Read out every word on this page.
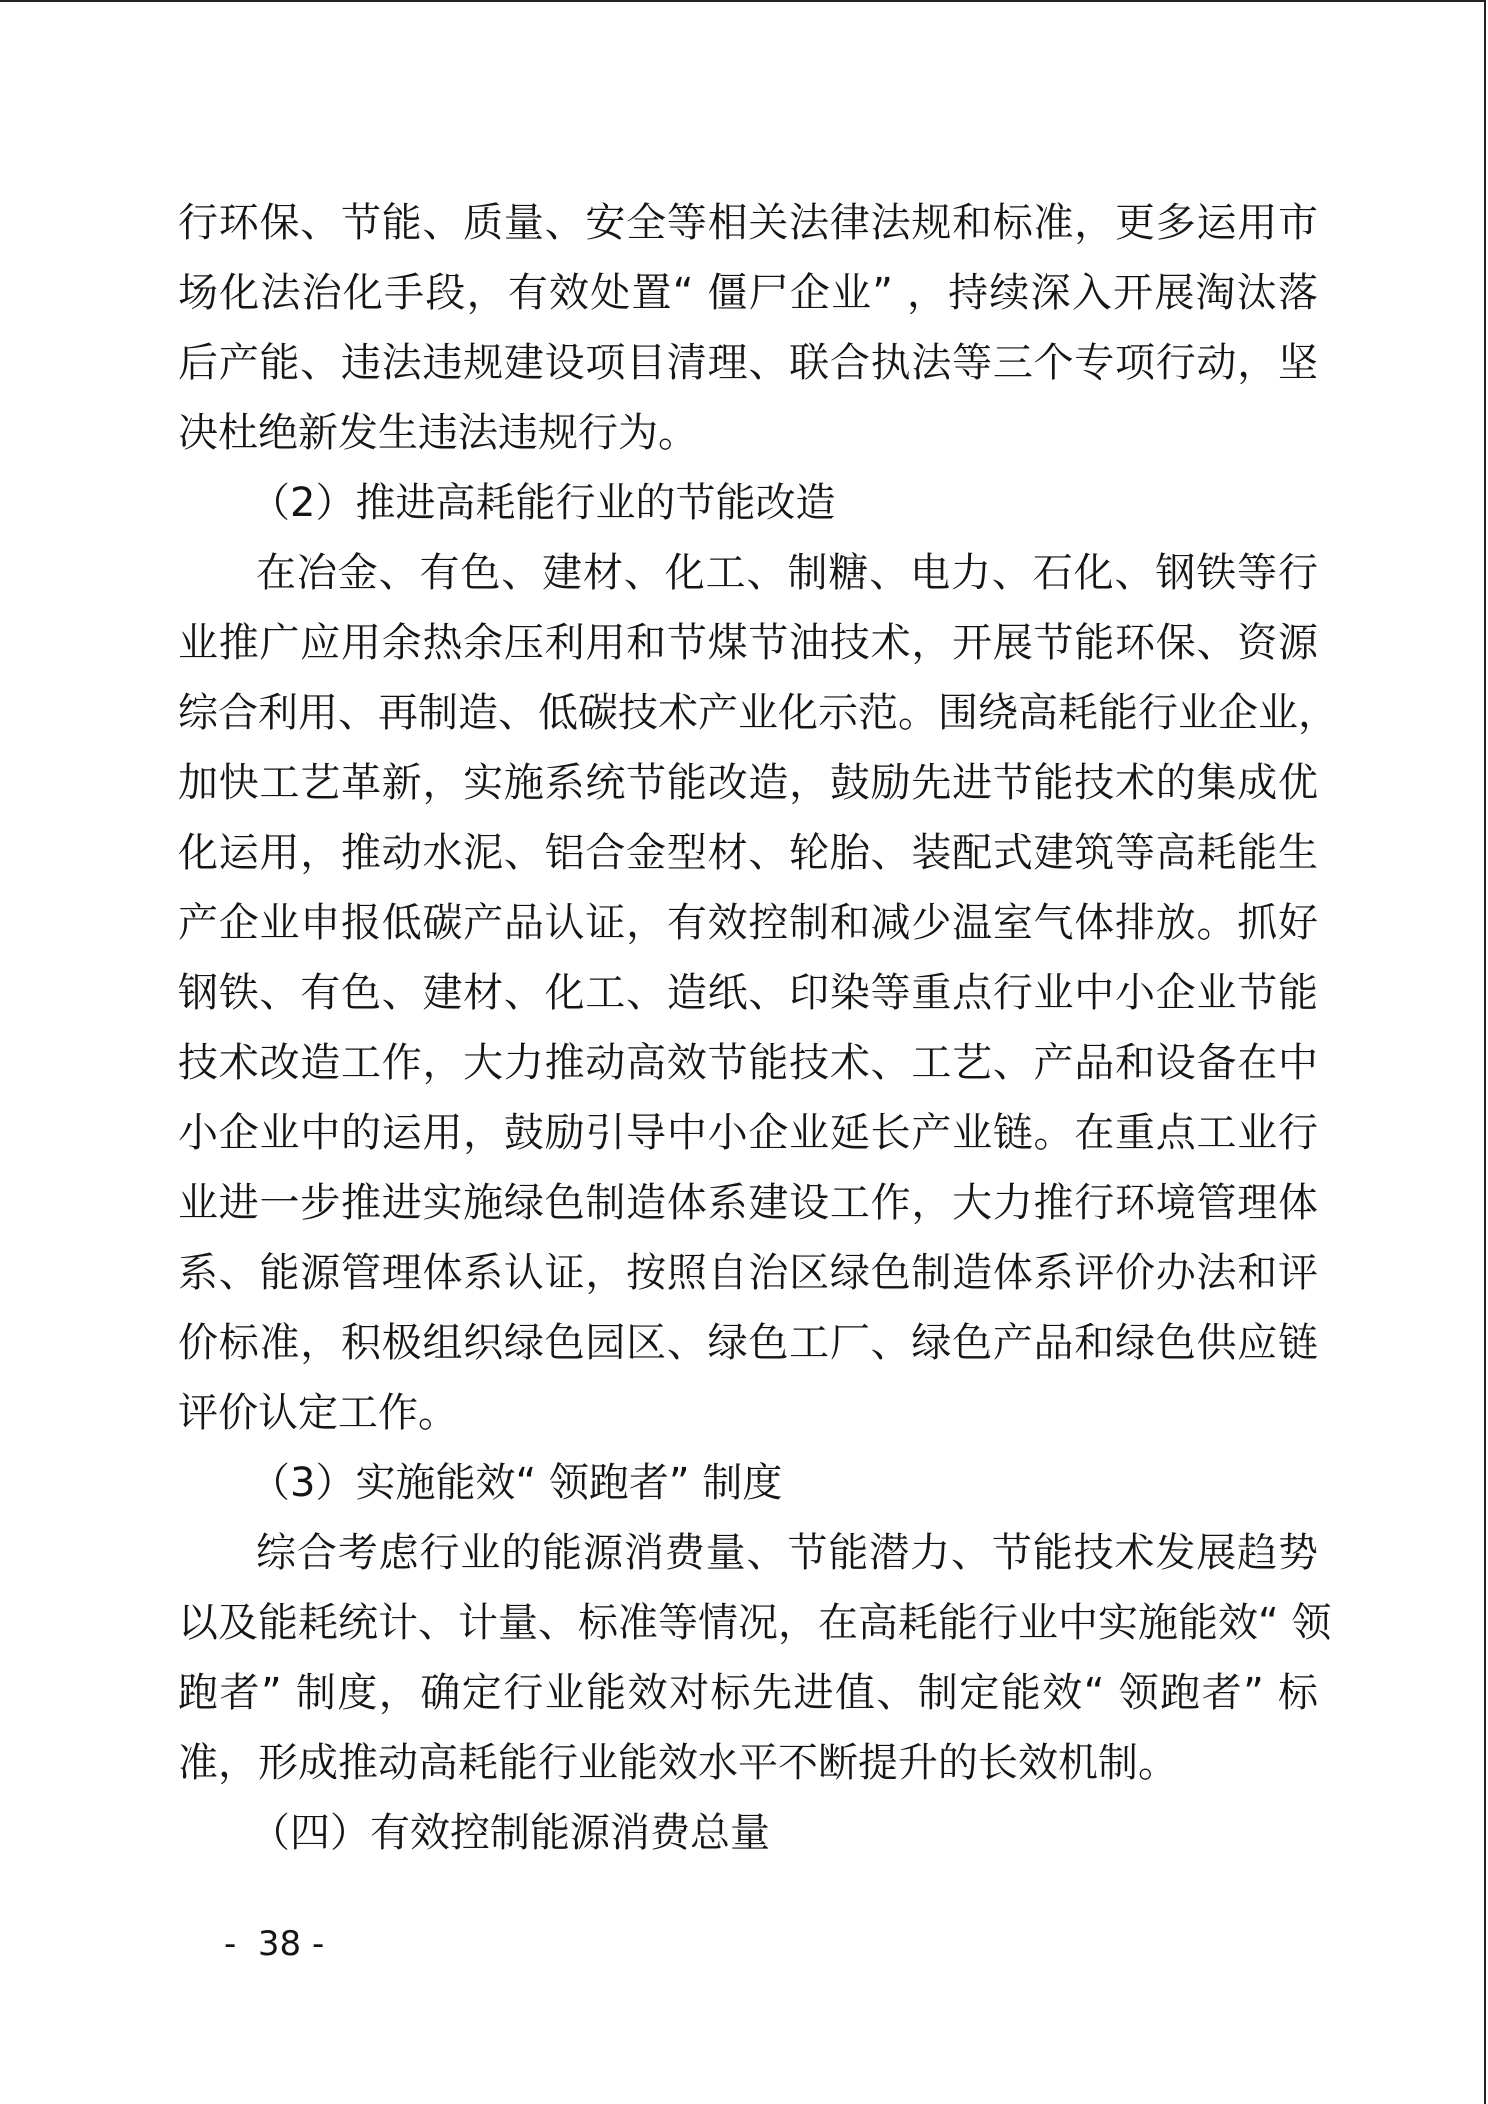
行环保、节能、质量、安全等相关法律法规和标准，更多运用市
场化法治化手段，有效处置“ 僵尸企业” ，持续深入开展淘汰落
后产能、违法违规建设项目清理、联合执法等三个专项行动，坚
决杜绝新发生违法违规行为。
（2）推进高耗能行业的节能改造
在冶金、有色、建材、化工、制糖、电力、石化、钢铁等行
业推广应用余热余压利用和节煤节油技术，开展节能环保、资源
综合利用、再制造、低碳技术产业化示范。围绕高耗能行业企业，
加快工艺革新，实施系统节能改造，鼓励先进节能技术的集成优
化运用，推动水泥、铝合金型材、轮胎、装配式建筑等高耗能生
产企业申报低碳产品认证，有效控制和减少温室气体排放。抓好
钢铁、有色、建材、化工、造纸、印染等重点行业中小企业节能
技术改造工作，大力推动高效节能技术、工艺、产品和设备在中
小企业中的运用，鼓励引导中小企业延长产业链。在重点工业行
业进一步推进实施绿色制造体系建设工作，大力推行环境管理体
系、能源管理体系认证，按照自治区绿色制造体系评价办法和评
价标准，积极组织绿色园区、绿色工厂、绿色产品和绿色供应链
评价认定工作。
（3）实施能效“ 领跑者” 制度
综合考虑行业的能源消费量、节能潜力、节能技术发展趋势
以及能耗统计、计量、标准等情况，在高耗能行业中实施能效“ 领
跑者” 制度，确定行业能效对标先进值、制定能效“ 领跑者” 标
准，形成推动高耗能行业能效水平不断提升的长效机制。
（四）有效控制能源消费总量
-  38 -
